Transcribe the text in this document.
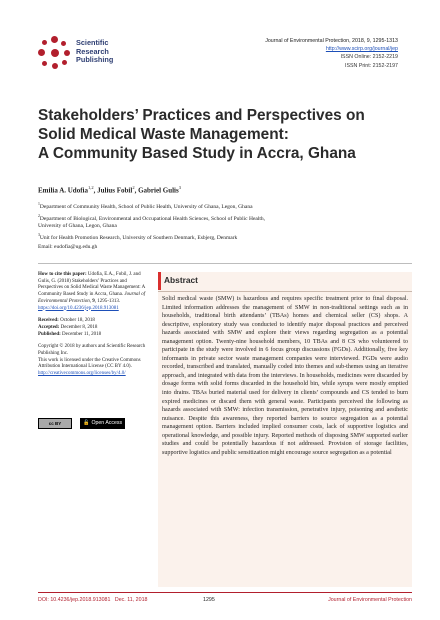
Scientific
Research
Publishing
Journal of Environmental Protection, 2018, 9, 1295-1313
http://www.scirp.org/journal/jep
ISSN Online: 2152-2219
ISSN Print: 2152-2197
Stakeholders’ Practices and Perspectives on
Solid Medical Waste Management:
A Community Based Study in Accra, Ghana
Emilia A. Udofia$^{1,2}$, Julius Fobil$^2$, Gabriel Gulis$^3$
$^1$Department of Community Health, School of Public Health, University of Ghana, Legon, Ghana
$^2$Department of Biological, Environmental and Occupational Health Sciences, School of Public Health,
University of Ghana, Legon, Ghana
$^3$Unit for Health Promotion Research, University of Southern Denmark, Esbjerg, Denmark
Email: eudofia@ug.edu.gh
How to cite this paper: Udofia, E.A., Fobil, J. and Gulis, G. (2018) Stakeholders’ Practices and Perspectives on Solid Medical Waste Management: A Community Based Study in Accra, Ghana. Journal of Environmental Protection, 9, 1295-1313.
https://doi.org/10.4236/jep.2018.913081
Received: October 18, 2018
Accepted: December 8, 2018
Published: December 11, 2018
Copyright © 2018 by authors and Scientific Research Publishing Inc.
This work is licensed under the Creative Commons Attribution International License (CC BY 4.0).
http://creativecommons.org/licenses/by/4.0/
cc BY	🔓 Open Access
Abstract
Solid medical waste (SMW) is hazardous and requires specific treatment prior to final disposal. Limited information addresses the management of SMW in non-traditional settings such as in households, traditional birth attendants’ (TBAs) homes and chemical seller (CS) shops. A descriptive, exploratory study was conducted to identify major disposal practices and perceived hazards associated with SMW and explore their views regarding segregation as a potential management option. Twenty-nine household members, 10 TBAs and 8 CS who volunteered to participate in the study were involved in 6 focus group discussions (FGDs). Additionally, five key informants in private sector waste management companies were interviewed. FGDs were audio recorded, transcribed and translated, manually coded into themes and sub-themes using an iterative approach, and integrated with data from the interviews. In households, medicines were discarded by dosage forms with solid forms discarded in the household bin, while syrups were mostly emptied into drains. TBAs buried material used for delivery in clients’ compounds and CS tended to burn expired medicines or discard them with general waste. Participants perceived the following as hazards associated with SMW: infection transmission, penetrative injury, poisoning and aesthetic nuisance. Despite this awareness, they reported barriers to source segregation as a potential management option. Barriers included implied consumer costs, lack of supportive logistics and operational knowledge, and possible injury. Reported methods of disposing SMW supported earlier studies and could be potentially hazardous if not addressed. Provision of storage facilities, supportive logistics and public sensitization might encourage source segregation as a potential
DOI: 10.4236/jep.2018.913081 Dec. 11, 2018	1295	Journal of Environmental Protection
